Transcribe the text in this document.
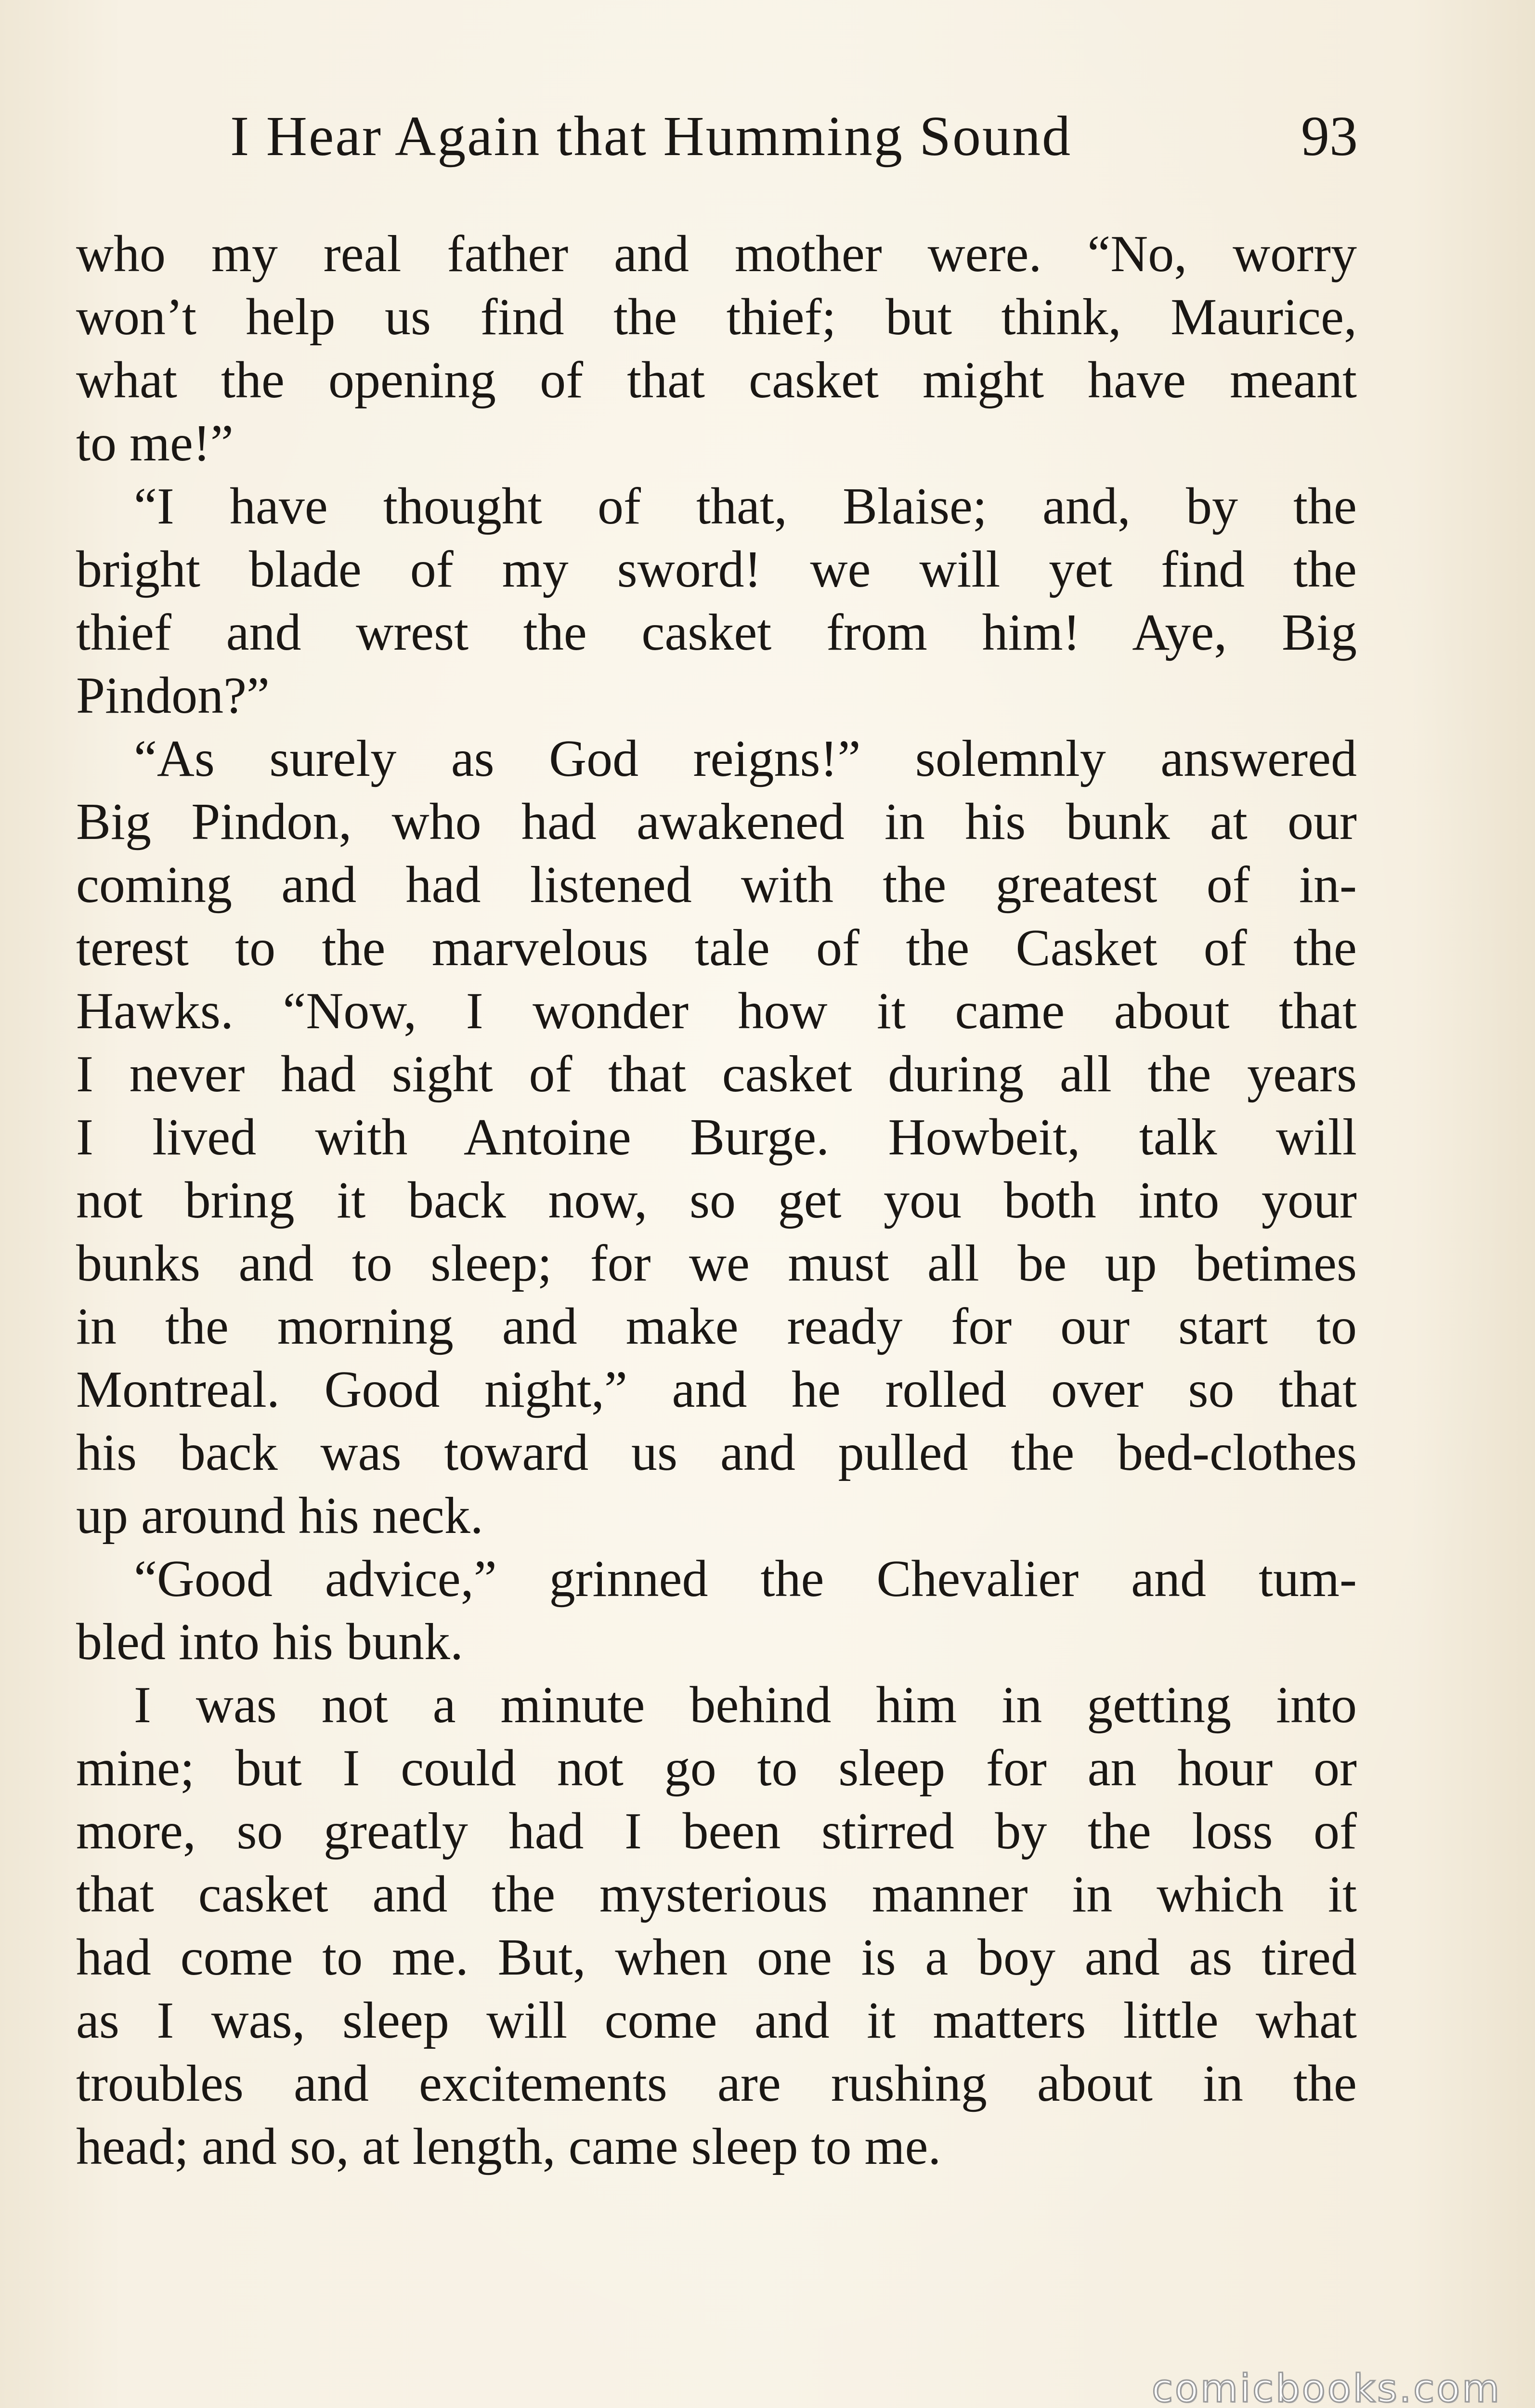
I Hear Again that Humming Sound	93
who my real father and mother were. “No, worry
won’t help us find the thief; but think, Maurice,
what the opening of that casket might have meant
to me!”
“I have thought of that, Blaise; and, by the
bright blade of my sword! we will yet find the
thief and wrest the casket from him! Aye, Big
Pindon?”
“As surely as God reigns!” solemnly answered
Big Pindon, who had awakened in his bunk at our
coming and had listened with the greatest of in-
terest to the marvelous tale of the Casket of the
Hawks. “Now, I wonder how it came about that
I never had sight of that casket during all the years
I lived with Antoine Burge. Howbeit, talk will
not bring it back now, so get you both into your
bunks and to sleep; for we must all be up betimes
in the morning and make ready for our start to
Montreal. Good night,” and he rolled over so that
his back was toward us and pulled the bed-clothes
up around his neck.
“Good advice,” grinned the Chevalier and tum-
bled into his bunk.
I was not a minute behind him in getting into
mine; but I could not go to sleep for an hour or
more, so greatly had I been stirred by the loss of
that casket and the mysterious manner in which it
had come to me. But, when one is a boy and as tired
as I was, sleep will come and it matters little what
troubles and excitements are rushing about in the
head; and so, at length, came sleep to me.
comicbooks.com
